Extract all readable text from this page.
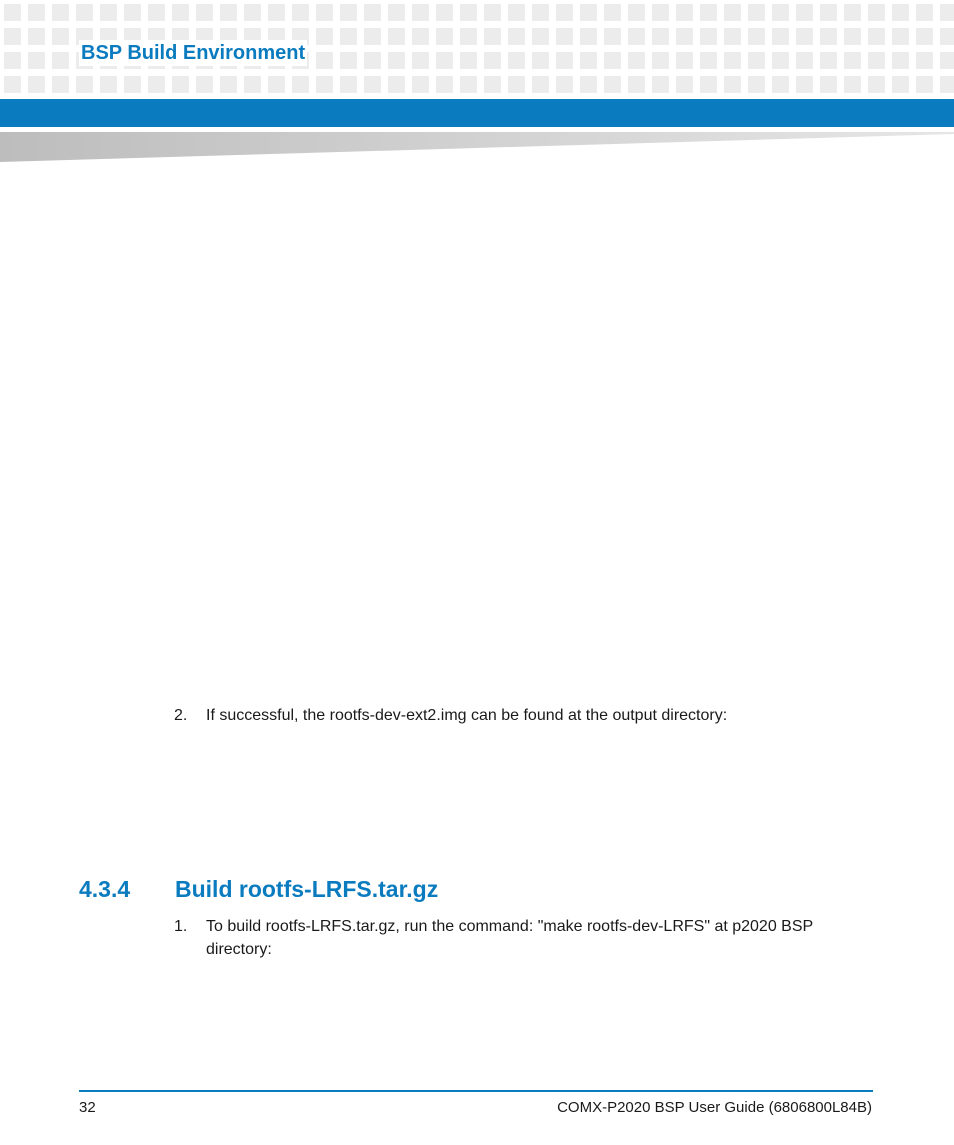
BSP Build Environment
2.	If successful, the rootfs-dev-ext2.img can be found at the output directory:
4.3.4 Build rootfs-LRFS.tar.gz
1.	To build rootfs-LRFS.tar.gz, run the command: "make rootfs-dev-LRFS" at p2020 BSP directory:
32	COMX-P2020 BSP User Guide (6806800L84B)
